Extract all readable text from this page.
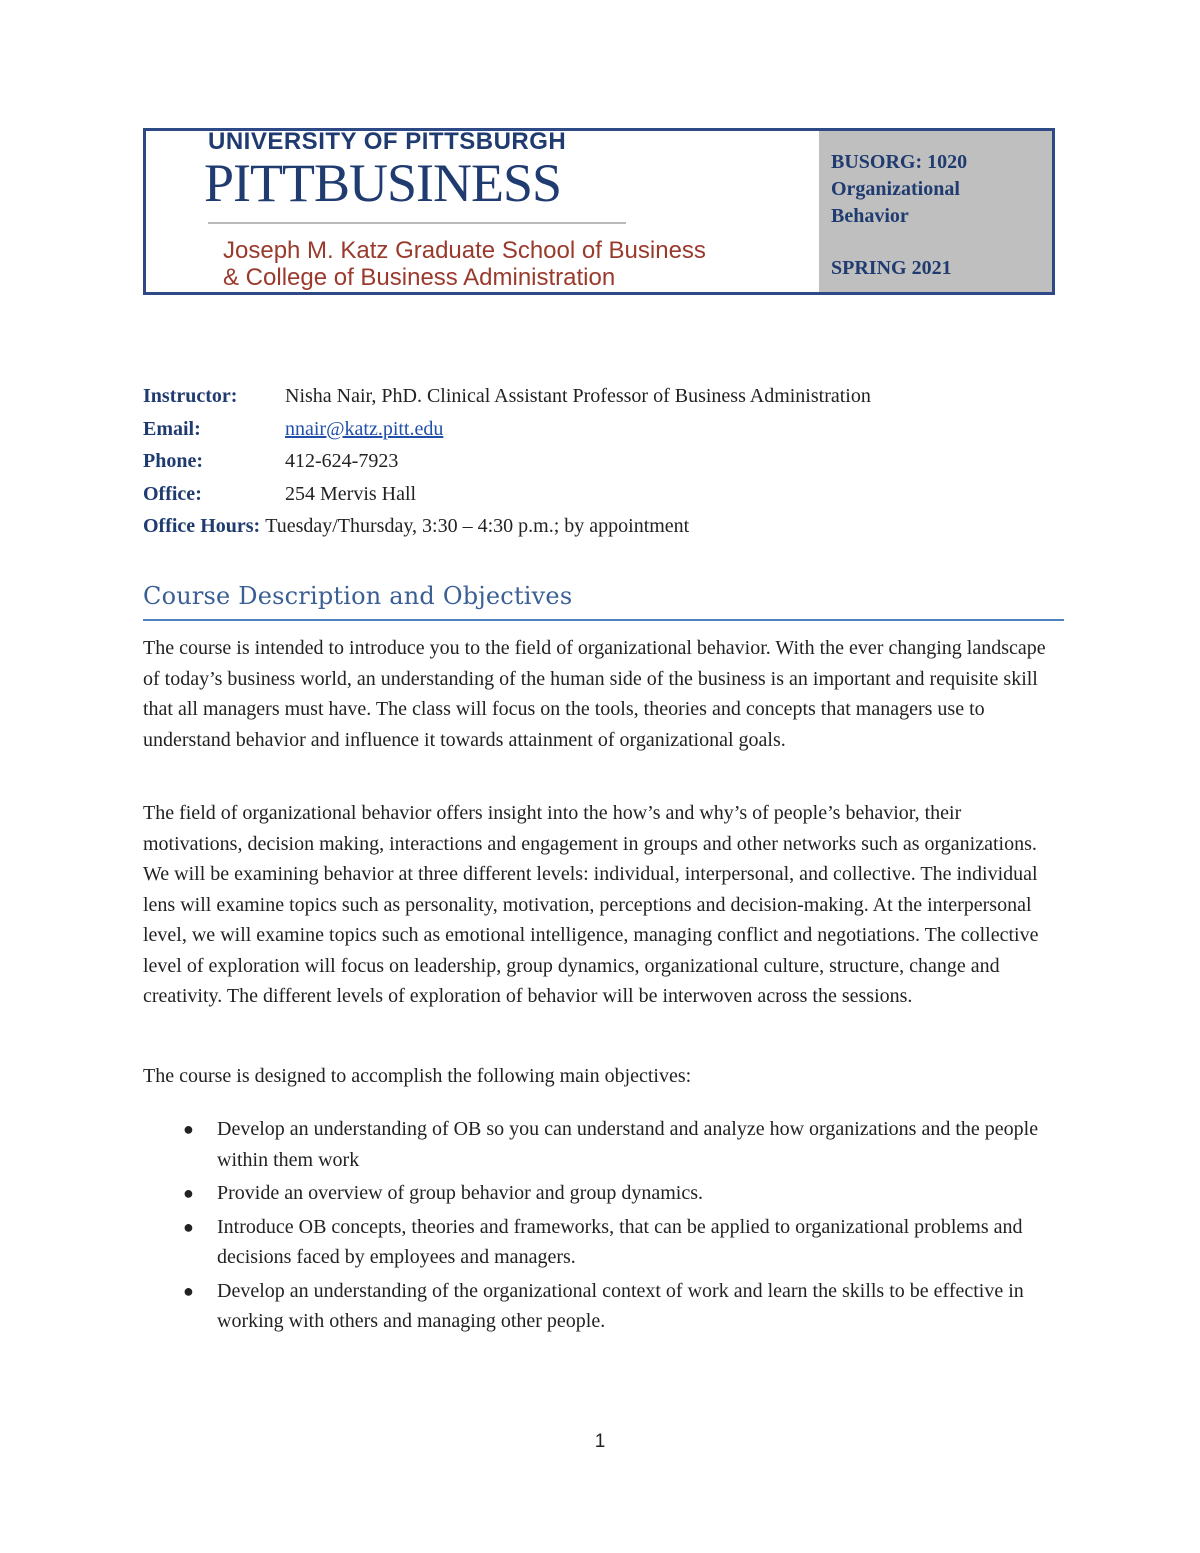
UNIVERSITY OF PITTSBURGH
PITTBUSINESS
Joseph M. Katz Graduate School of Business
& College of Business Administration
BUSORG: 1020
Organizational
Behavior
SPRING 2021
Instructor: Nisha Nair, PhD. Clinical Assistant Professor of Business Administration
Email:	nnair@katz.pitt.edu
Phone:	412-624-7923
Office:	254 Mervis Hall
Office Hours: Tuesday/Thursday, 3:30 – 4:30 p.m.; by appointment
Course Description and Objectives

The course is intended to introduce you to the field of organizational behavior. With the ever changing landscape of today’s business world, an understanding of the human side of the business is an important and requisite skill that all managers must have. The class will focus on the tools, theories and concepts that managers use to understand behavior and influence it towards attainment of organizational goals.

The field of organizational behavior offers insight into the how’s and why’s of people’s behavior, their motivations, decision making, interactions and engagement in groups and other networks such as organizations. We will be examining behavior at three different levels: individual, interpersonal, and collective. The individual lens will examine topics such as personality, motivation, perceptions and decision-making. At the interpersonal level, we will examine topics such as emotional intelligence, managing conflict and negotiations. The collective level of exploration will focus on leadership, group dynamics, organizational culture, structure, change and creativity. The different levels of exploration of behavior will be interwoven across the sessions.

The course is designed to accomplish the following main objectives:

● Develop an understanding of OB so you can understand and analyze how organizations and the people within them work
● Provide an overview of group behavior and group dynamics.
● Introduce OB concepts, theories and frameworks, that can be applied to organizational problems and decisions faced by employees and managers.
● Develop an understanding of the organizational context of work and learn the skills to be effective in working with others and managing other people.
1
